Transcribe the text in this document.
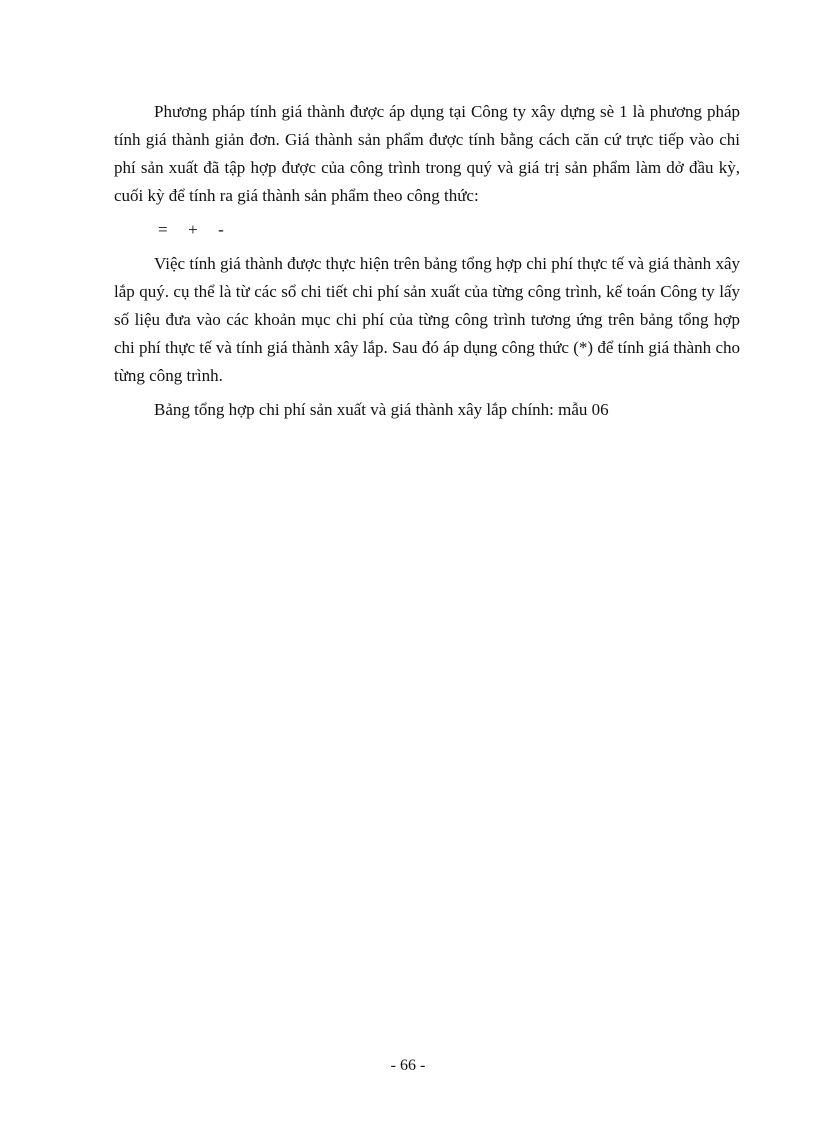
Phương pháp tính giá thành được áp dụng tại Công ty xây dựng sè 1 là phương pháp tính giá thành giản đơn. Giá thành sản phẩm được tính bằng cách căn cứ trực tiếp vào chi phí sản xuất đã tập hợp được của công trình trong quý và giá trị sản phẩm làm dở đầu kỳ, cuối kỳ để tính ra giá thành sản phẩm theo công thức:

=  +  -

Việc tính giá thành được thực hiện trên bảng tổng hợp chi phí thực tế và giá thành xây lắp quý. cụ thể là từ các sổ chi tiết chi phí sản xuất của từng công trình, kế toán Công ty lấy số liệu đưa vào các khoản mục chi phí của từng công trình tương ứng trên bảng tổng hợp chi phí thực tế và tính giá thành xây lắp. Sau đó áp dụng công thức (*) để tính giá thành cho từng công trình.

Bảng tổng hợp chi phí sản xuất và giá thành xây lắp chính: mẫu 06

- 66 -
